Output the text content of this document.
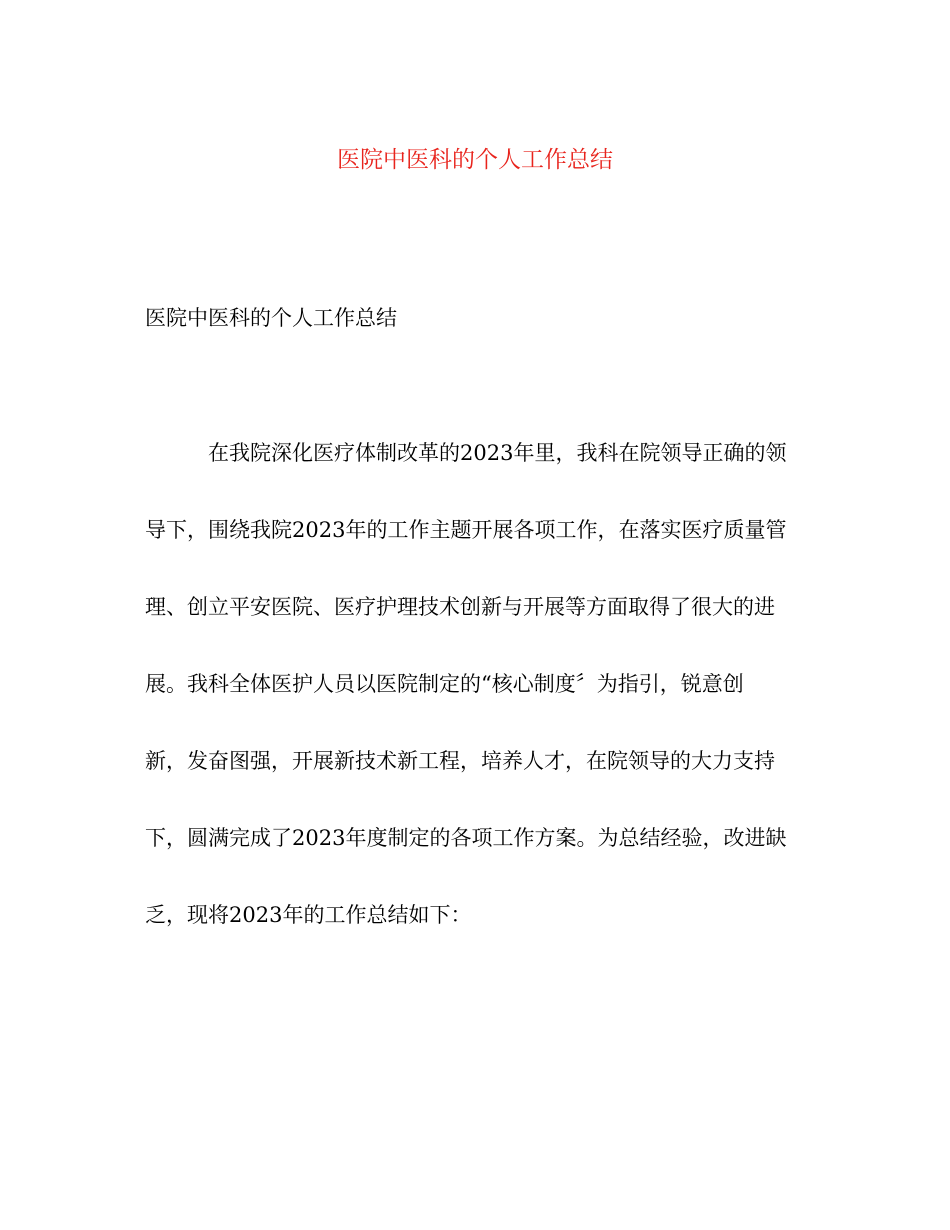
医院中医科的个人工作总结

医院中医科的个人工作总结

在我院深化医疗体制改革的2023年里，我科在院领导正确的领
导下，围绕我院2023年的工作主题开展各项工作，在落实医疗质量管
理、创立平安医院、医疗护理技术创新与开展等方面取得了很大的进
展。我科全体医护人员以医院制定的“核心制度〞为指引，锐意创
新，发奋图强，开展新技术新工程，培养人才，在院领导的大力支持
下，圆满完成了2023年度制定的各项工作方案。为总结经验，改进缺
乏，现将2023年的工作总结如下：
